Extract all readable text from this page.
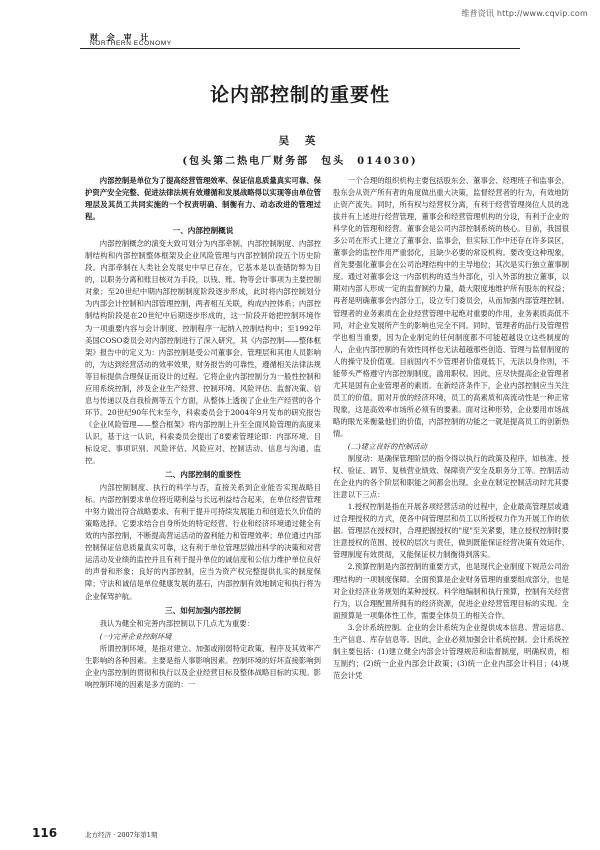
维普资讯 http://www.cqvip.com
财 会 审 计
NORTHERN ECONOMY
论内部控制的重要性
吴 英
(包头第二热电厂财务部　包头　014030)

内部控制是单位为了提高经营管理效率、保证信息质量真实可靠、保护资产安全完整、促进法律法规有效遵循和发展战略得以实现等由单位管理层及其员工共同实施的一个权责明确、制衡有力、动态改进的管理过程。

一、内部控制概说

内部控制概念的演变大致可划分为内部牵制、内部控制制度、内部控制结构和内部控制整体框架及企业风险管理与内部控制阶段五个历史阶段。内部牵制在人类社会发展史中早已存在，它基本是以查错防弊为目的，以职务分离和账目核对为手段，以钱、账、物等会计事项为主要控制对象；至20世纪中期内部控制制度阶段逐步形成，此时将内部控制划分为内部会计控制和内部管理控制，两者相互关联，构成内控体系；内部控制结构阶段是在20世纪中后期逐步形成的，这一阶段开始把控制环境作为一项重要内容与会计制度、控制程序一起纳入控制结构中；至1992年美国COSO委员会对内部控制进行了深入研究，其《内部控制——整体框架》报告中的定义为：内部控制是受公司董事会、管理层和其他人员影响的，为达到经营活动的效率效果，财务报告的可靠性，遵循相关法律法规等目标提供合理保证而设计的过程。它将企业内部控制分为一般性控制和应用系统控制，涉及企业生产经营、控制环境、风险评估、监督决策、信息与传递以及自我检测等五个方面，从整体上透视了企业生产经营的各个环节。20世纪90年代末至今，科索委员会于2004年9月发布的研究报告《企业风险管理——整合框架》将内部控制上升至全面风险管理的高度来认识，基于这一认识，科索委员会提出了8要素管理论即：内部环境、目标设定、事项识别、风险评估、风险应对、控制活动、信息与沟通、监控。

二、内部控制的重要性

内部控制制度、执行的科学与否，直接关系到企业能否实现战略目标。内部控制要求单位将近期利益与长远利益结合起来，在单位经营管理中努力做出符合战略要求、有利于提升可持续发展能力和创造长久价值的策略选择。它要求结合自身所处的特定经营、行业和经济环境通过健全有效的内部控制，不断提高营运活动的盈利能力和管理效率；单位通过内部控制保证信息质量真实可靠，这有利于单位管理层做出科学的决策和对营运活动及业绩的监控并且有利于提升单位的诚信度和公信力维护单位良好的声誉和形象；良好的内部控制，应当为资产权完整提供扎实的制度保障；守法和诚信是单位健康发展的基石，内部控制有效地制定和执行将为企业保驾护航。

三、如何加强内部控制

我认为健全和完善内部控制以下几点尤为重要：

(一)完善企业控制环境

所谓控制环境，是指对建立、加强或削弱特定政策、程序及其效率产生影响的各种因素。主要是指人事影响因素。控制环境的好坏直接影响到企业内部控制的贯彻和执行以及企业经营目标及整体战略目标的实现。影响控制环境的因素是多方面的：一

一个合理的组织机构主要包括股东会、董事会、经理班子和监事会，股东会从资产所有者的角度做出重大决策，监督经营者的行为，有效地防止资产流失。同时，所有权与经营权分离，有利于经营管理岗位人员的选拔并有上述进行经营管理，董事会和经营管理机构的分设，有利于企业的科学化的管理和经营。董事会是公司内部控制系统的核心。目前，我国很多公司在形式上建立了董事会、监事会，但实际工作中还存在许多误区，董事会的监控作用严重弱化，且缺少必要的常设机构。要改变这种现象，首先要强化董事会在公司治理结构中的主导地位；其次是实行独立董事制度。通过对董事会这一内部机构的适当外部化，引入外部的独立董事，以期对内部人形成一定的监督制约力量，最大限度地维护所有股东的权益；再者是明确董事会内部分工，设立专门委员会，从而加强内部管理控制。管理者的业务素质在企业经营管理中起绝对重要的作用，业务素质高低不同，对企业发展所产生的影响也完全不同。同时，管理者的品行及管理哲学也相当重要，因为企业制定的任何制度都不可能超越设立这些制度的人，企业内部控制的有效性同样也无法超越那些创造、管理与监督制度的人的操守及价值观。目前国内不少管理者价值观低下，无法以身作则，不能带头严格遵守内部控制制度，滥用职权。因此，应尽快提高企业管理者尤其是国有企业管理者的素质。在新经济条件下，企业内部控制应当关注员工的价值，面对开放的经济环境，员工的高素质和高流动性是一种正常现象，这是高效率市场所必须有的要素。面对这种形势，企业要用市场战略的眼光来衡量他们的价值，内部控制的功能之一就是提高员工的创新热情。

(二)建立良好的控制活动

制度动：是确保管理阶层的指令得以执行的政策及程序，如核准、授权、验证、调节、复核营业绩效、保障资产安全及职务分工等。控制活动在企业内的各个阶层和职能之间都会出现。企业在制定控制活动时尤其要注意以下三点：

1.授权控制是指在开展各项经营活动的过程中，企业最高管理层或通过合理授权的方式，使各中间管理层和员工以所授权力作为开展工作的依据。管理层在授权时，合理把握授权的"度"至关紧要，建立授权控制时要注意授权的范围、授权的层次与责任，做到既能保证经营决策有效运作、管理制度有效贯彻，又能保证权力制衡得到落实。

2.预算控制是内部控制的重要方式，也是现代企业制度下规范公司治理结构的一项制度保障。全面预算是企业财务管理的重要组成部分，也是对企业经济业务规划的某种授权。科学地编制和执行预算，控制有关经营行为，以合理配置所拥有的经济资源，促进企业经营管理目标的实现。全面预算是一项集体性工作，需要全体员工的相关合作。

3.会计系统控制。企业的会计系统为企业提供成本信息、营运信息、生产信息、库存信息等。因此，企业必须加强会计系统控制。会计系统控制主要包括：(1)建立健全内部会计管理规范和监督制度，明确权责，相互制约；(2)统一企业内部会计政策；(3)统一企业内部会计科目；(4)规范会计凭

116	北方经济 · 2007年第1期
